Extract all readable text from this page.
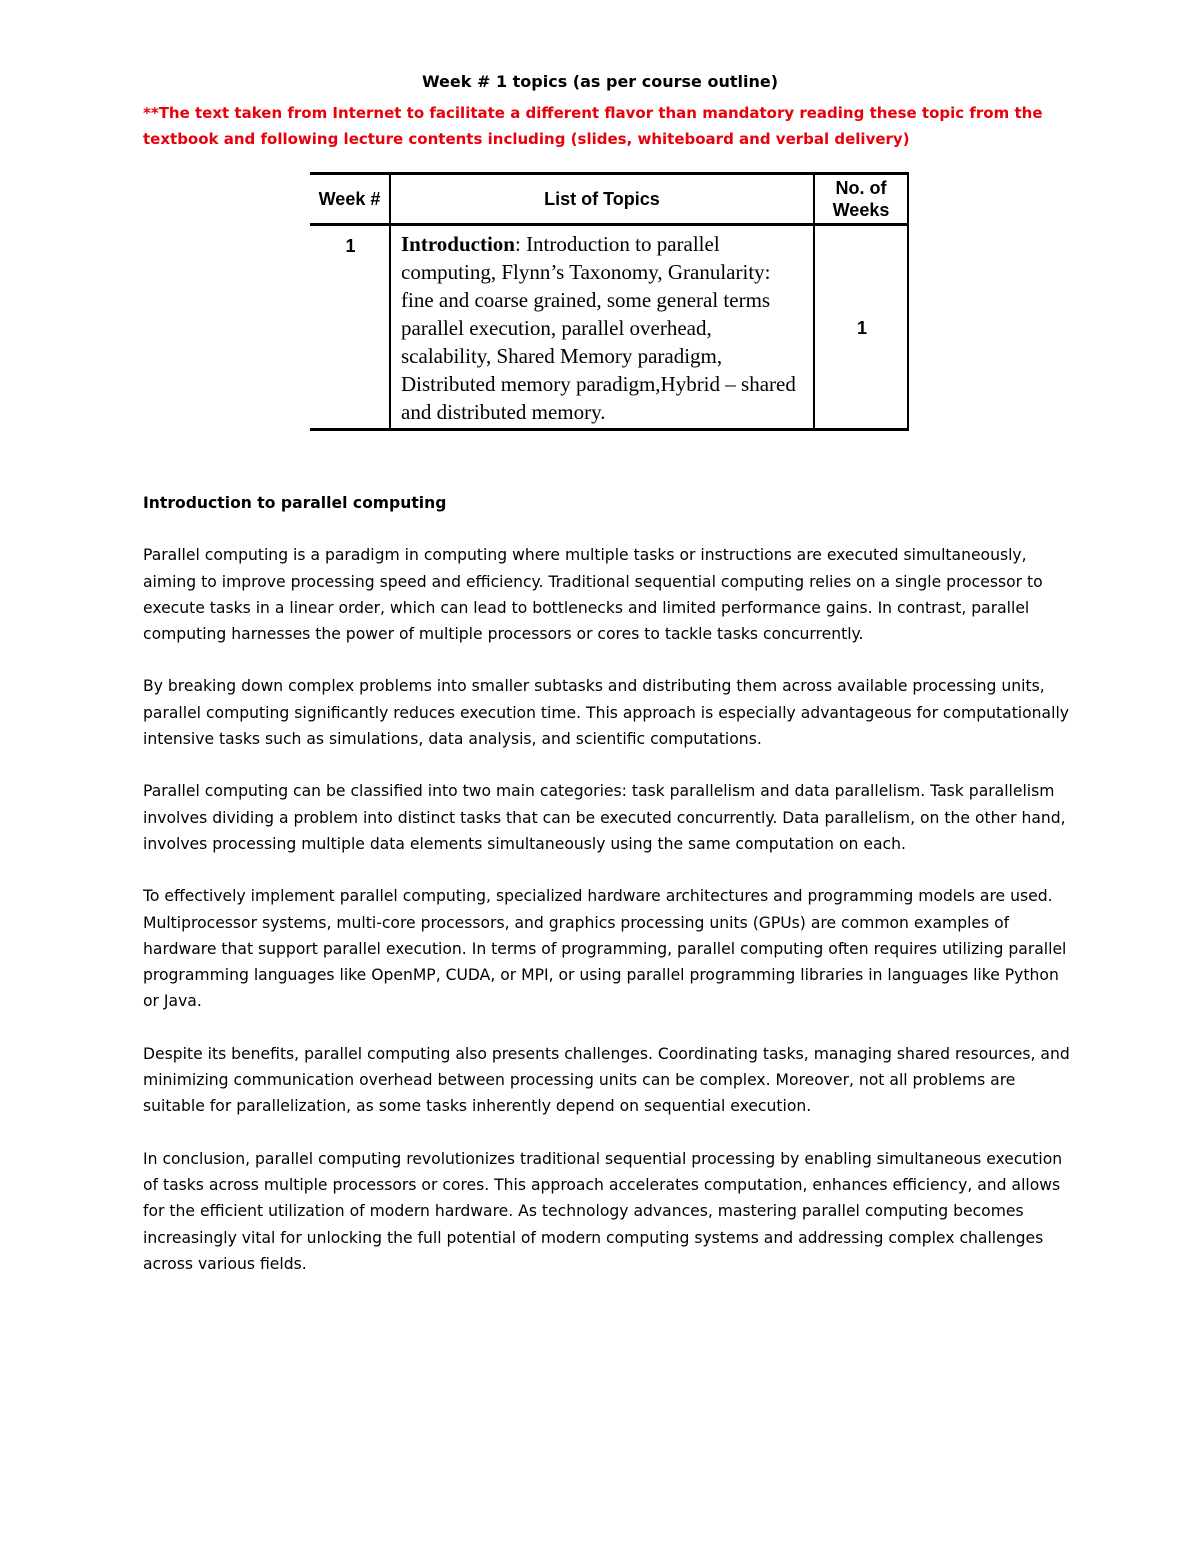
Week # 1 topics (as per course outline)

**The text taken from Internet to facilitate a different flavor than mandatory reading these topic from the textbook and following lecture contents including (slides, whiteboard and verbal delivery)

Week #	List of Topics	No. of Weeks
1	Introduction: Introduction to parallel computing, Flynn’s Taxonomy, Granularity: fine and coarse grained, some general terms parallel execution, parallel overhead, scalability, Shared Memory paradigm, Distributed memory paradigm,Hybrid – shared and distributed memory.	1

Introduction to parallel computing

Parallel computing is a paradigm in computing where multiple tasks or instructions are executed simultaneously, aiming to improve processing speed and efficiency. Traditional sequential computing relies on a single processor to execute tasks in a linear order, which can lead to bottlenecks and limited performance gains. In contrast, parallel computing harnesses the power of multiple processors or cores to tackle tasks concurrently.

By breaking down complex problems into smaller subtasks and distributing them across available processing units, parallel computing significantly reduces execution time. This approach is especially advantageous for computationally intensive tasks such as simulations, data analysis, and scientific computations.

Parallel computing can be classified into two main categories: task parallelism and data parallelism. Task parallelism involves dividing a problem into distinct tasks that can be executed concurrently. Data parallelism, on the other hand, involves processing multiple data elements simultaneously using the same computation on each.

To effectively implement parallel computing, specialized hardware architectures and programming models are used. Multiprocessor systems, multi-core processors, and graphics processing units (GPUs) are common examples of hardware that support parallel execution. In terms of programming, parallel computing often requires utilizing parallel programming languages like OpenMP, CUDA, or MPI, or using parallel programming libraries in languages like Python or Java.

Despite its benefits, parallel computing also presents challenges. Coordinating tasks, managing shared resources, and minimizing communication overhead between processing units can be complex. Moreover, not all problems are suitable for parallelization, as some tasks inherently depend on sequential execution.

In conclusion, parallel computing revolutionizes traditional sequential processing by enabling simultaneous execution of tasks across multiple processors or cores. This approach accelerates computation, enhances efficiency, and allows for the efficient utilization of modern hardware. As technology advances, mastering parallel computing becomes increasingly vital for unlocking the full potential of modern computing systems and addressing complex challenges across various fields.
